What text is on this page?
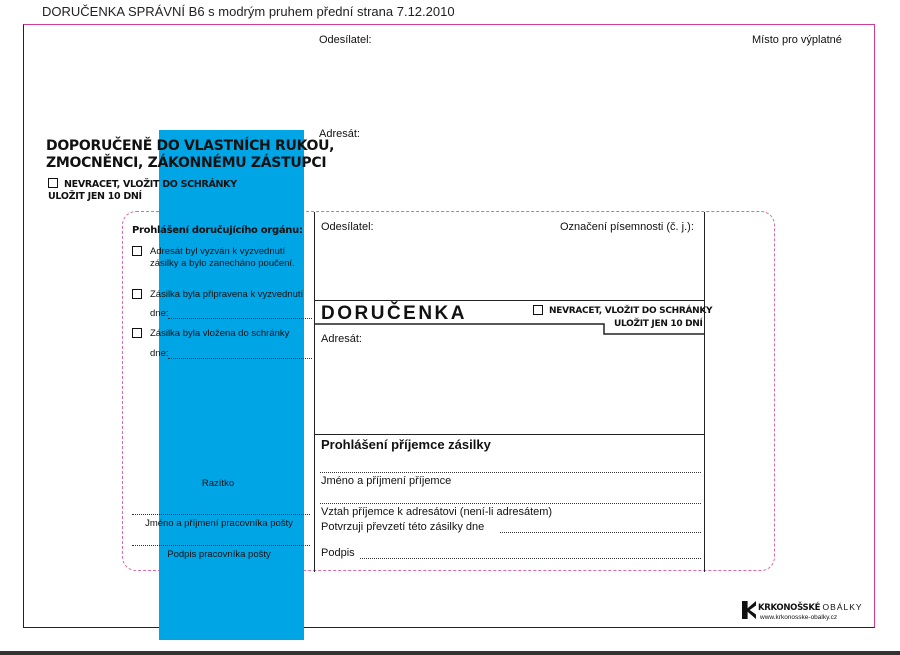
DORUČENKA SPRÁVNÍ B6 s modrým pruhem přední strana 7.12.2010
Odesílatel:	Místo pro výplatné
Adresát:
DOPORUČENĚ DO VLASTNÍCH RUKOU,
ZMOCNĚNCI, ZÁKONNÉMU ZÁSTUPCI
NEVRACET, VLOŽIT DO SCHRÁNKY
ULOŽIT JEN 10 DNÍ
Prohlášení doručujícího orgánu:
Adresát byl vyzván k vyzvednutí zásilky a bylo zanecháno poučení.
Zásilka byla připravena k vyzvednutí
dne:
Zásilka byla vložena do schránky
dne:
Razítko
Jméno a příjmení pracovníka pošty
Podpis pracovníka pošty
Odesílatel:	Označení písemnosti (č. j.):
DORUČENKA	NEVRACET, VLOŽIT DO SCHRÁNKY
ULOŽIT JEN 10 DNÍ
Adresát:
Prohlášení příjemce zásilky
Jméno a příjmení příjemce
Vztah příjemce k adresátovi (není-li adresátem)
Potvrzuji převzetí této zásilky dne
Podpis
KRKONOŠSKÉ OBÁLKY
www.krkonosske-obalky.cz
